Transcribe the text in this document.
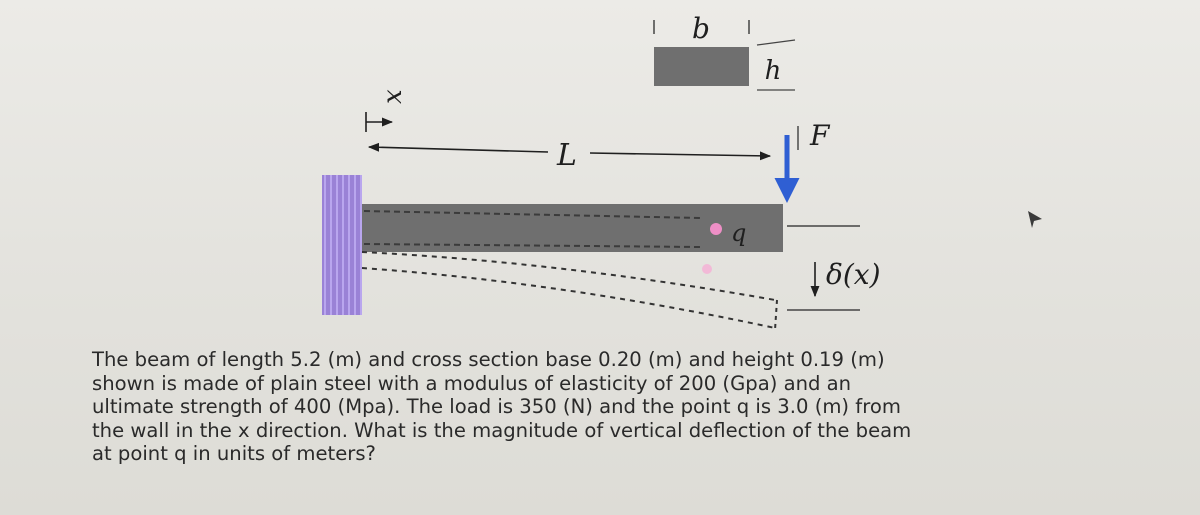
b
h
x
L
q
F
δ(x)

The beam of length 5.2 (m) and cross section base 0.20 (m) and height 0.19 (m)
shown is made of plain steel with a modulus of elasticity of 200 (Gpa) and an
ultimate strength of 400 (Mpa). The load is 350 (N) and the point q is 3.0 (m) from
the wall in the x direction. What is the magnitude of vertical deflection of the beam
at point q in units of meters?
